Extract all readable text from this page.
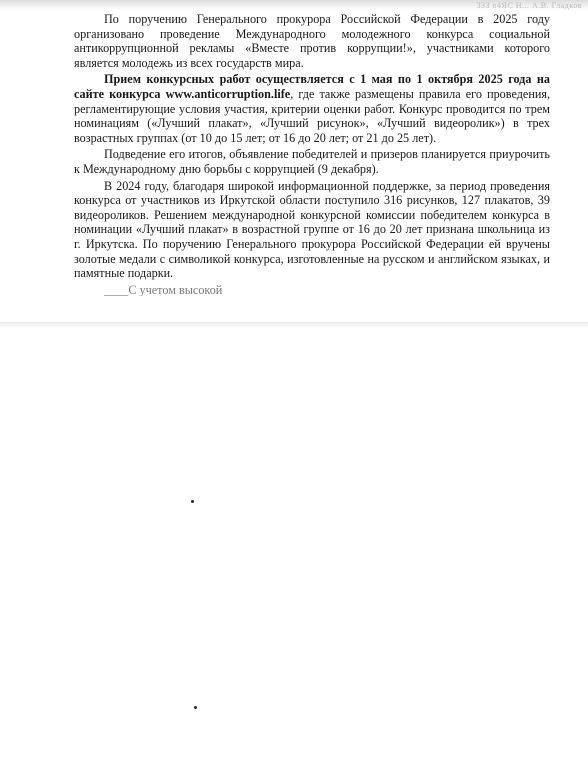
ЗЗ3 о4ЯС Н... А.В. Гладков

По поручению Генерального прокурора Российской Федерации в 2025 году организовано проведение Международного молодежного конкурса социальной антикоррупционной рекламы «Вместе против коррупции!», участниками которого является молодежь из всех государств мира.

Прием конкурсных работ осуществляется с 1 мая по 1 октября 2025 года на сайте конкурса www.anticorruption.life, где также размещены правила его проведения, регламентирующие условия участия, критерии оценки работ. Конкурс проводится по трем номинациям («Лучший плакат», «Лучший рисунок», «Лучший видеоролик») в трех возрастных группах (от 10 до 15 лет; от 16 до 20 лет; от 21 до 25 лет).

Подведение его итогов, объявление победителей и призеров планируется приурочить к Международному дню борьбы с коррупцией (9 декабря).

В 2024 году, благодаря широкой информационной поддержке, за период проведения конкурса от участников из Иркутской области поступило 316 рисунков, 127 плакатов, 39 видеороликов. Решением международной конкурсной комиссии победителем конкурса в номинации «Лучший плакат» в возрастной группе от 16 до 20 лет признана школьница из г. Иркутска. По поручению Генерального прокурора Российской Федерации ей вручены золотые медали с символикой конкурса, изготовленные на русском и английском языках, и памятные подарки.

____С учетом высокой
